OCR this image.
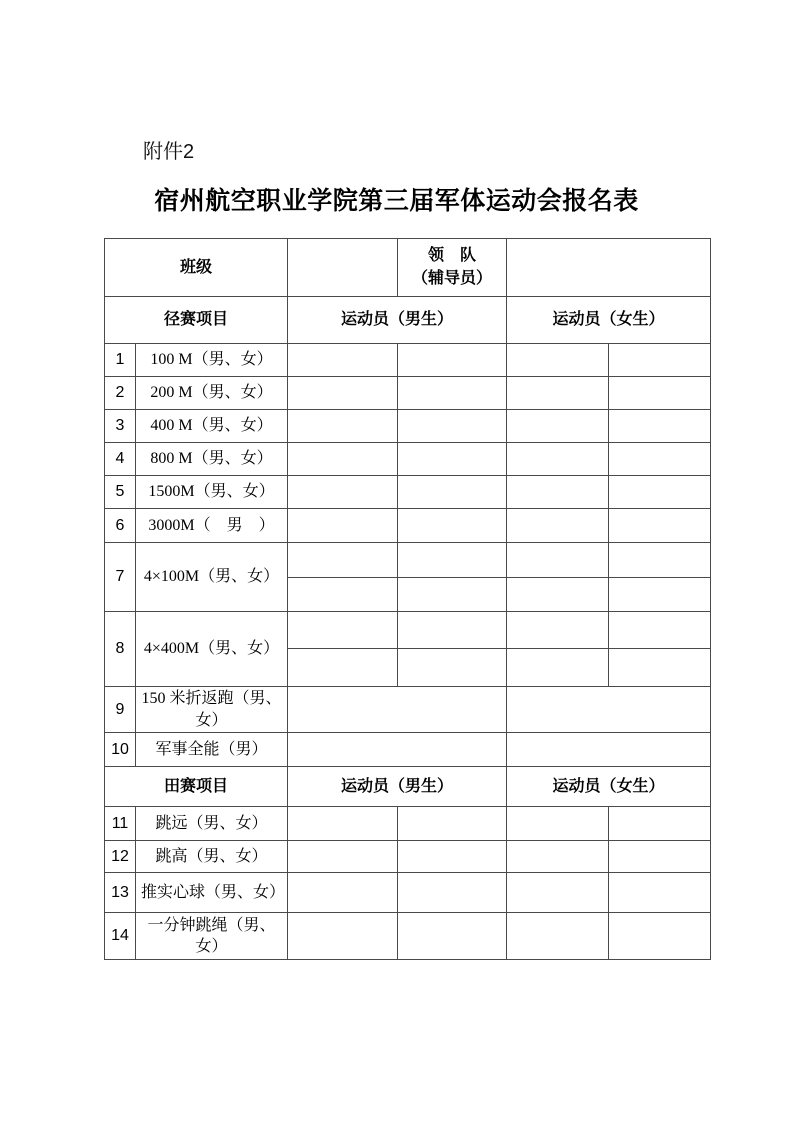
附件2
宿州航空职业学院第三届军体运动会报名表
班级			领　队
（辅导员）		

径赛项目		运动员（男生）		运动员（女生）	
1	100 M（男、女）				
2	200 M（男、女）				
3	400 M（男、女）				
4	800 M（男、女）				
5	1500M（男、女）				
6	3000M（　男　）				
7	4×100M（男、女）				

8	4×400M（男、女）				

9	150 米折返跑（男、女）				
10	军事全能（男）				
田赛项目		运动员（男生）		运动员（女生）	
11	跳远（男、女）				
12	跳高（男、女）				
13	推实心球（男、女）				
14	一分钟跳绳（男、女）				
